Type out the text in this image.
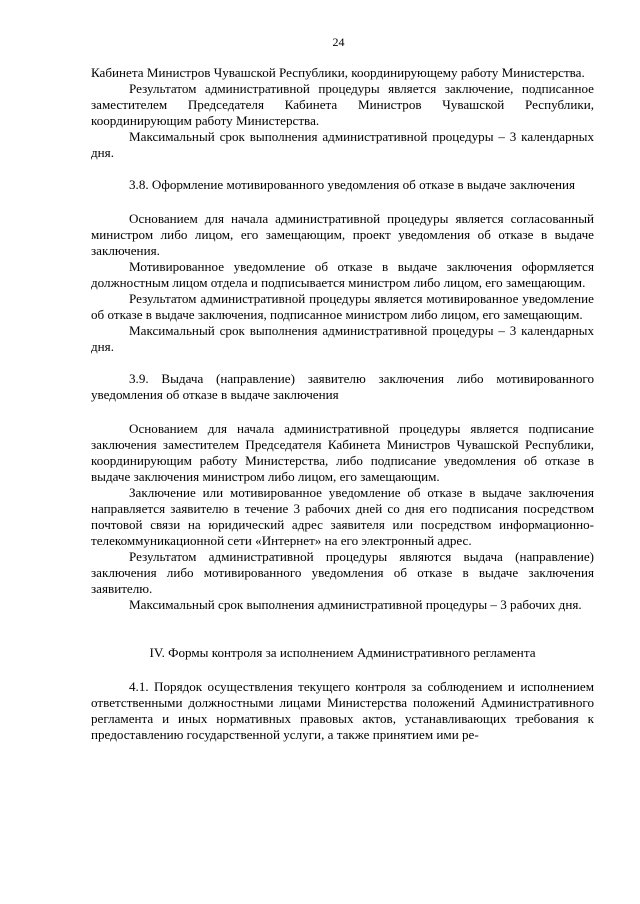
24

Кабинета Министров Чувашской Республики, координирующему работу Министерства.

Результатом административной процедуры является заключение, подписанное заместителем Председателя Кабинета Министров Чувашской Республики, координирующим работу Министерства.

Максимальный срок выполнения административной процедуры – 3 календарных дня.

3.8. Оформление мотивированного уведомления об отказе в выдаче заключения

Основанием для начала административной процедуры является согласованный министром либо лицом, его замещающим, проект уведомления об отказе в выдаче заключения.

Мотивированное уведомление об отказе в выдаче заключения оформляется должностным лицом отдела и подписывается министром либо лицом, его замещающим.

Результатом административной процедуры является мотивированное уведомление об отказе в выдаче заключения, подписанное министром либо лицом, его замещающим.

Максимальный срок выполнения административной процедуры – 3 календарных дня.

3.9. Выдача (направление) заявителю заключения либо мотивированного уведомления об отказе в выдаче заключения

Основанием для начала административной процедуры является подписание заключения заместителем Председателя Кабинета Министров Чувашской Республики, координирующим работу Министерства, либо подписание уведомления об отказе в выдаче заключения министром либо лицом, его замещающим.

Заключение или мотивированное уведомление об отказе в выдаче заключения направляется заявителю в течение 3 рабочих дней со дня его подписания посредством почтовой связи на юридический адрес заявителя или посредством информационно-телекоммуникационной сети «Интернет» на его электронный адрес.

Результатом административной процедуры являются выдача (направление) заключения либо мотивированного уведомления об отказе в выдаче заключения заявителю.

Максимальный срок выполнения административной процедуры – 3 рабочих дня.

IV. Формы контроля за исполнением Административного регламента

4.1. Порядок осуществления текущего контроля за соблюдением и исполнением ответственными должностными лицами Министерства положений Административного регламента и иных нормативных правовых актов, устанавливающих требования к предоставлению государственной услуги, а также принятием ими ре-
